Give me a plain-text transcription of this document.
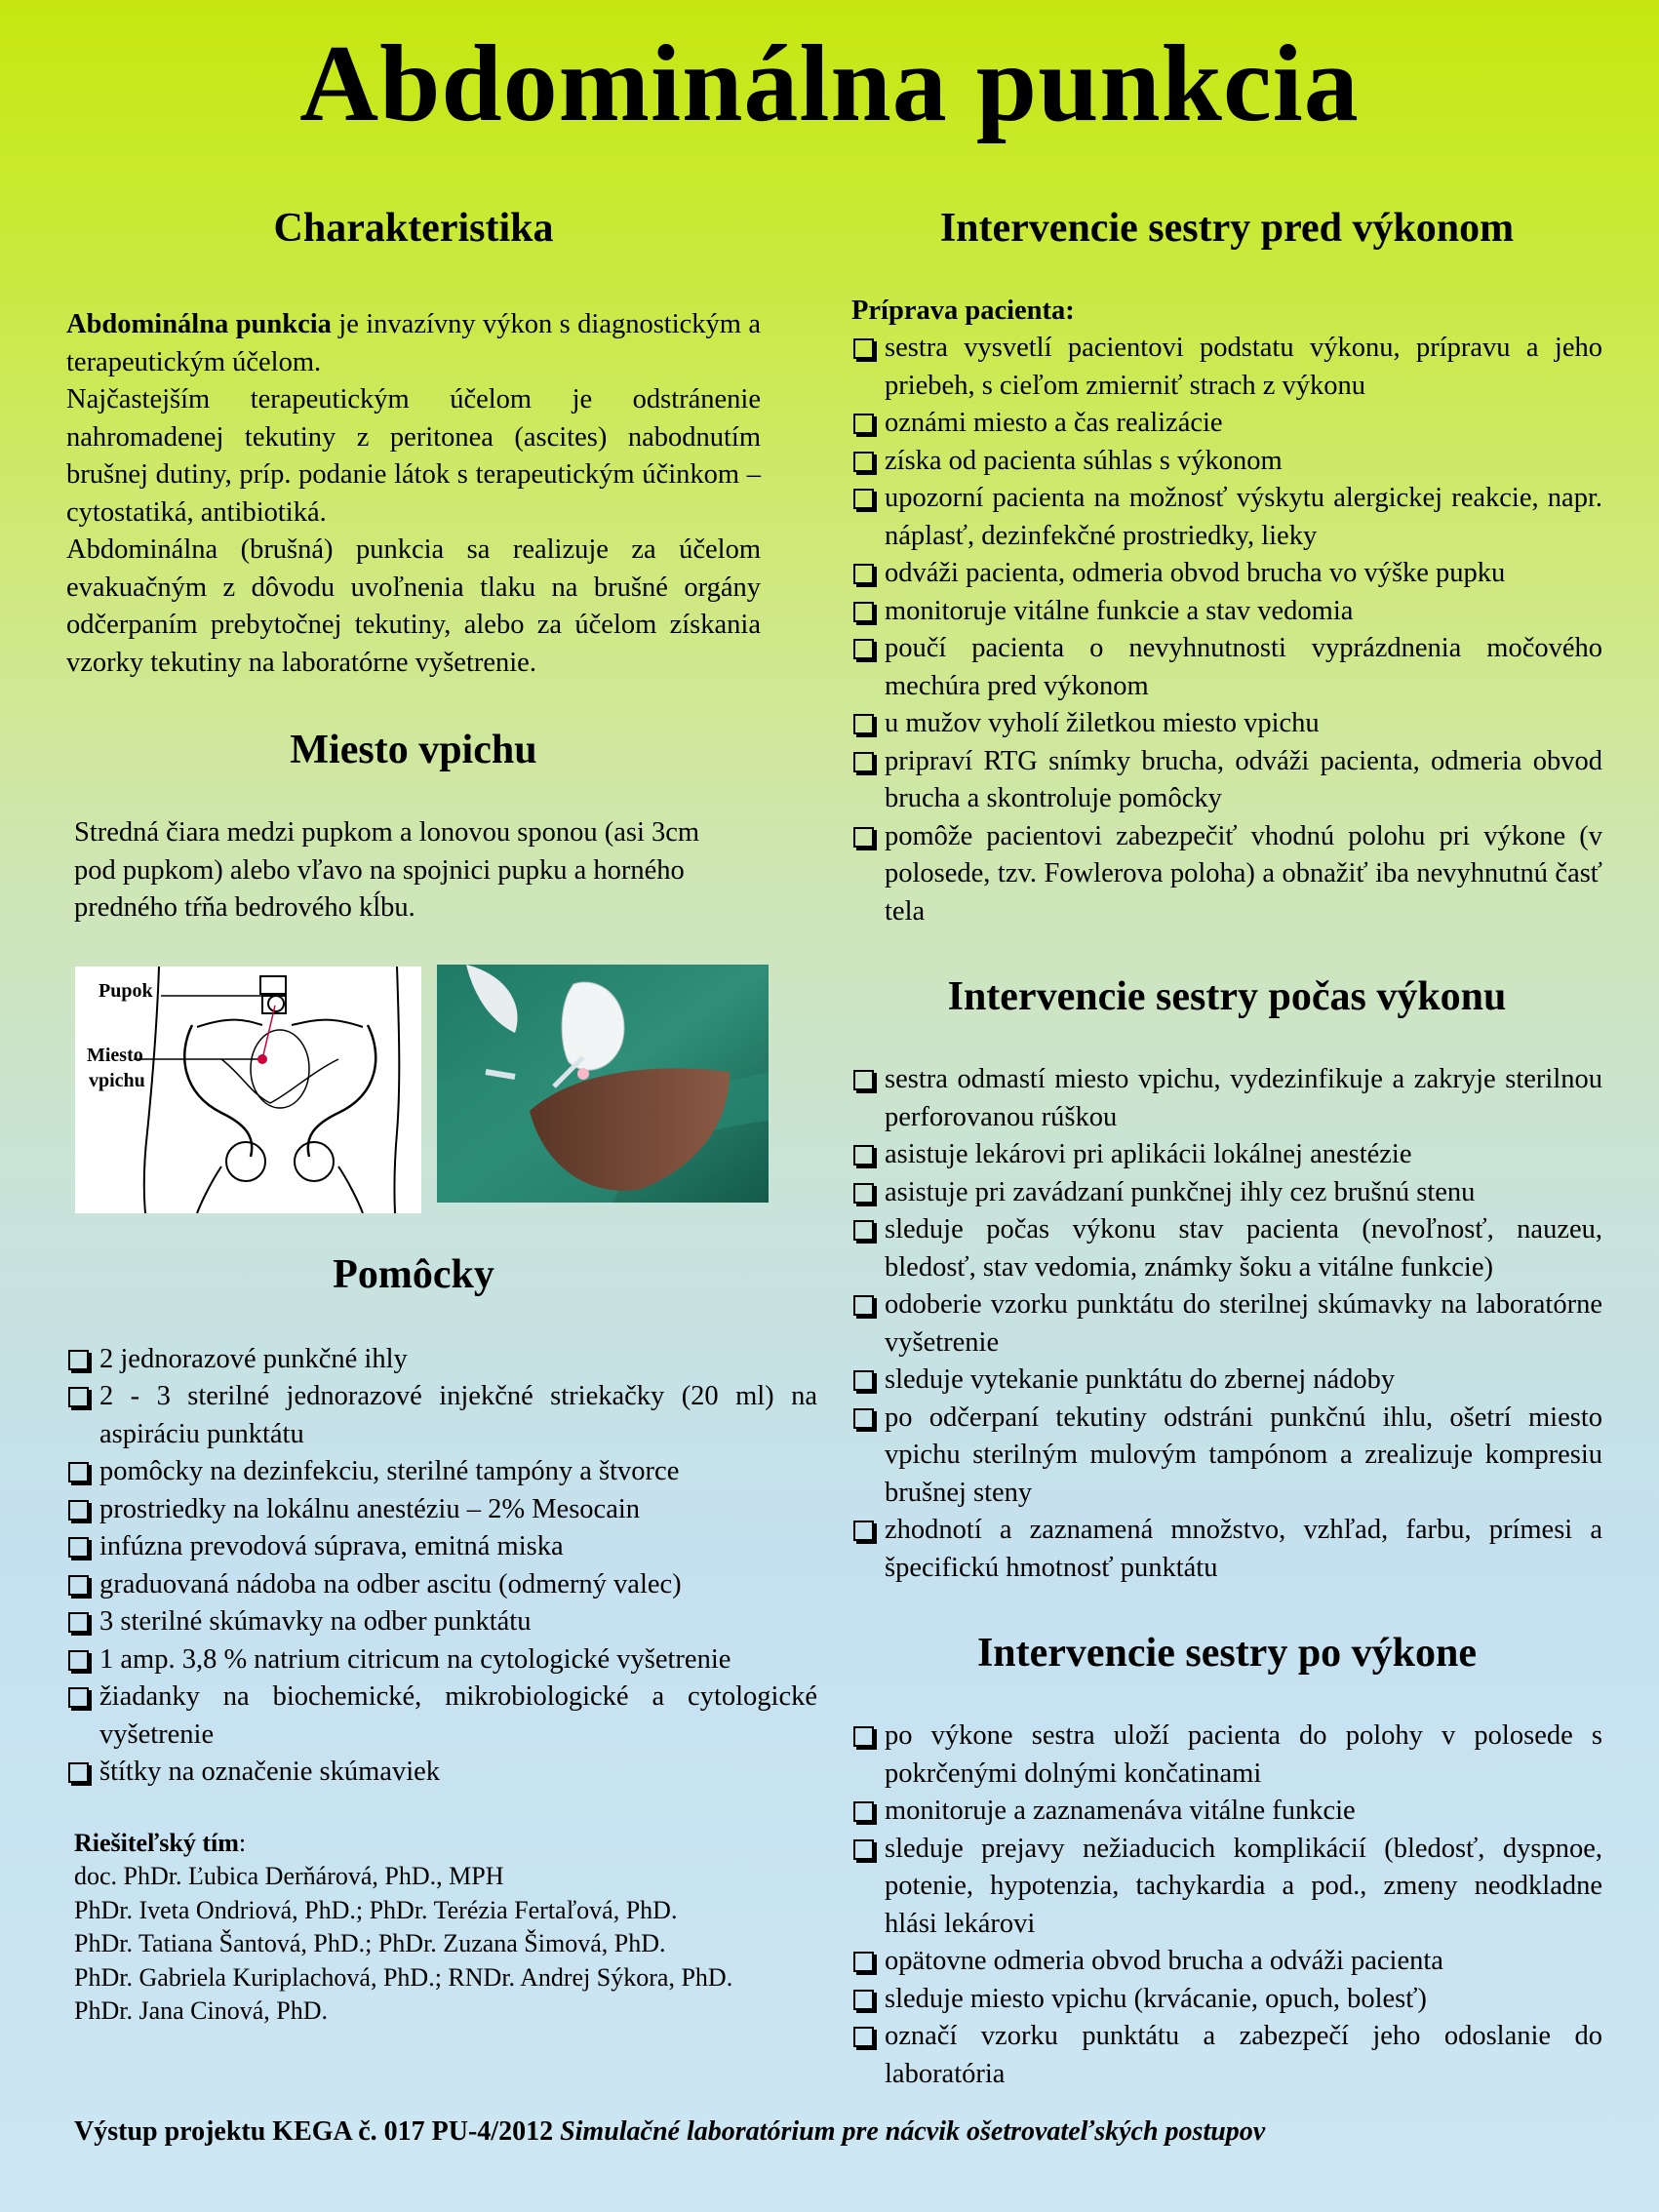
Abdominálna punkcia
Charakteristika

Abdominálna punkcia je invazívny výkon s diagnostickým a terapeutickým účelom.

Najčastejším terapeutickým účelom je odstránenie nahromadenej tekutiny z peritonea (ascites) nabodnutím brušnej dutiny, príp. podanie látok s terapeutickým účinkom – cytostatiká, antibiotiká.

Abdominálna (brušná) punkcia sa realizuje za účelom evakuačným z dôvodu uvoľnenia tlaku na brušné orgány odčerpaním prebytočnej tekutiny, alebo za účelom získania vzorky tekutiny na laboratórne vyšetrenie.

Miesto vpichu
Stredná čiara medzi pupkom a lonovou sponou (asi 3cm pod pupkom) alebo vľavo na spojnici pupku a horného predného tŕňa bedrového kĺbu.
Pupok
Miesto
vpichu
Pomôcky
2 jednorazové punkčné ihly
2 - 3 sterilné jednorazové injekčné striekačky (20 ml) na aspiráciu punktátu
pomôcky na dezinfekciu, sterilné tampóny a štvorce
prostriedky na lokálnu anestéziu – 2% Mesocain
infúzna prevodová súprava, emitná miska
graduovaná nádoba na odber ascitu (odmerný valec)
3 sterilné skúmavky na odber punktátu
1 amp. 3,8 % natrium citricum na cytologické vyšetrenie
žiadanky na biochemické, mikrobiologické a cytologické vyšetrenie
štítky na označenie skúmaviek
Riešiteľský tím:
doc. PhDr. Ľubica Derňárová, PhD., MPH
PhDr. Iveta Ondriová, PhD.; PhDr. Terézia Fertaľová, PhD.
PhDr. Tatiana Šantová, PhD.; PhDr. Zuzana Šimová, PhD.
PhDr. Gabriela Kuriplachová, PhD.; RNDr. Andrej Sýkora, PhD.
PhDr. Jana Cinová, PhD.
Intervencie sestry pred výkonom

Príprava pacienta:

sestra vysvetlí pacientovi podstatu výkonu, prípravu a jeho priebeh, s cieľom zmierniť strach z výkonu
oznámi miesto a čas realizácie
získa od pacienta súhlas s výkonom
upozorní pacienta na možnosť výskytu alergickej reakcie, napr. náplasť, dezinfekčné prostriedky, lieky
odváži pacienta, odmeria obvod brucha vo výške pupku
monitoruje vitálne funkcie a stav vedomia
poučí pacienta o nevyhnutnosti vyprázdnenia močového mechúra pred výkonom
u mužov vyholí žiletkou miesto vpichu
pripraví RTG snímky brucha, odváži pacienta, odmeria obvod brucha a skontroluje pomôcky
pomôže pacientovi zabezpečiť vhodnú polohu pri výkone (v polosede, tzv. Fowlerova poloha) a obnažiť iba nevyhnutnú časť tela
Intervencie sestry počas výkonu
sestra odmastí miesto vpichu, vydezinfikuje a zakryje sterilnou perforovanou rúškou
asistuje lekárovi pri aplikácii lokálnej anestézie
asistuje pri zavádzaní punkčnej ihly cez brušnú stenu
sleduje počas výkonu stav pacienta (nevoľnosť, nauzeu, bledosť, stav vedomia, známky šoku a vitálne funkcie)
odoberie vzorku punktátu do sterilnej skúmavky na laboratórne vyšetrenie
sleduje vytekanie punktátu do zbernej nádoby
po odčerpaní tekutiny odstráni punkčnú ihlu, ošetrí miesto vpichu sterilným mulovým tampónom a zrealizuje kompresiu brušnej steny
zhodnotí a zaznamená množstvo, vzhľad, farbu, prímesi a špecifickú hmotnosť punktátu
Intervencie sestry po výkone
po výkone sestra uloží pacienta do polohy v polosede s pokrčenými dolnými končatinami
monitoruje a zaznamenáva vitálne funkcie
sleduje prejavy nežiaducich komplikácií (bledosť, dyspnoe, potenie, hypotenzia, tachykardia a pod., zmeny neodkladne hlási lekárovi
opätovne odmeria obvod brucha a odváži pacienta
sleduje miesto vpichu (krvácanie, opuch, bolesť)
označí vzorku punktátu a zabezpečí jeho odoslanie do laboratória
Výstup projektu KEGA č. 017 PU-4/2012 Simulačné laboratórium pre nácvik ošetrovateľských postupov
